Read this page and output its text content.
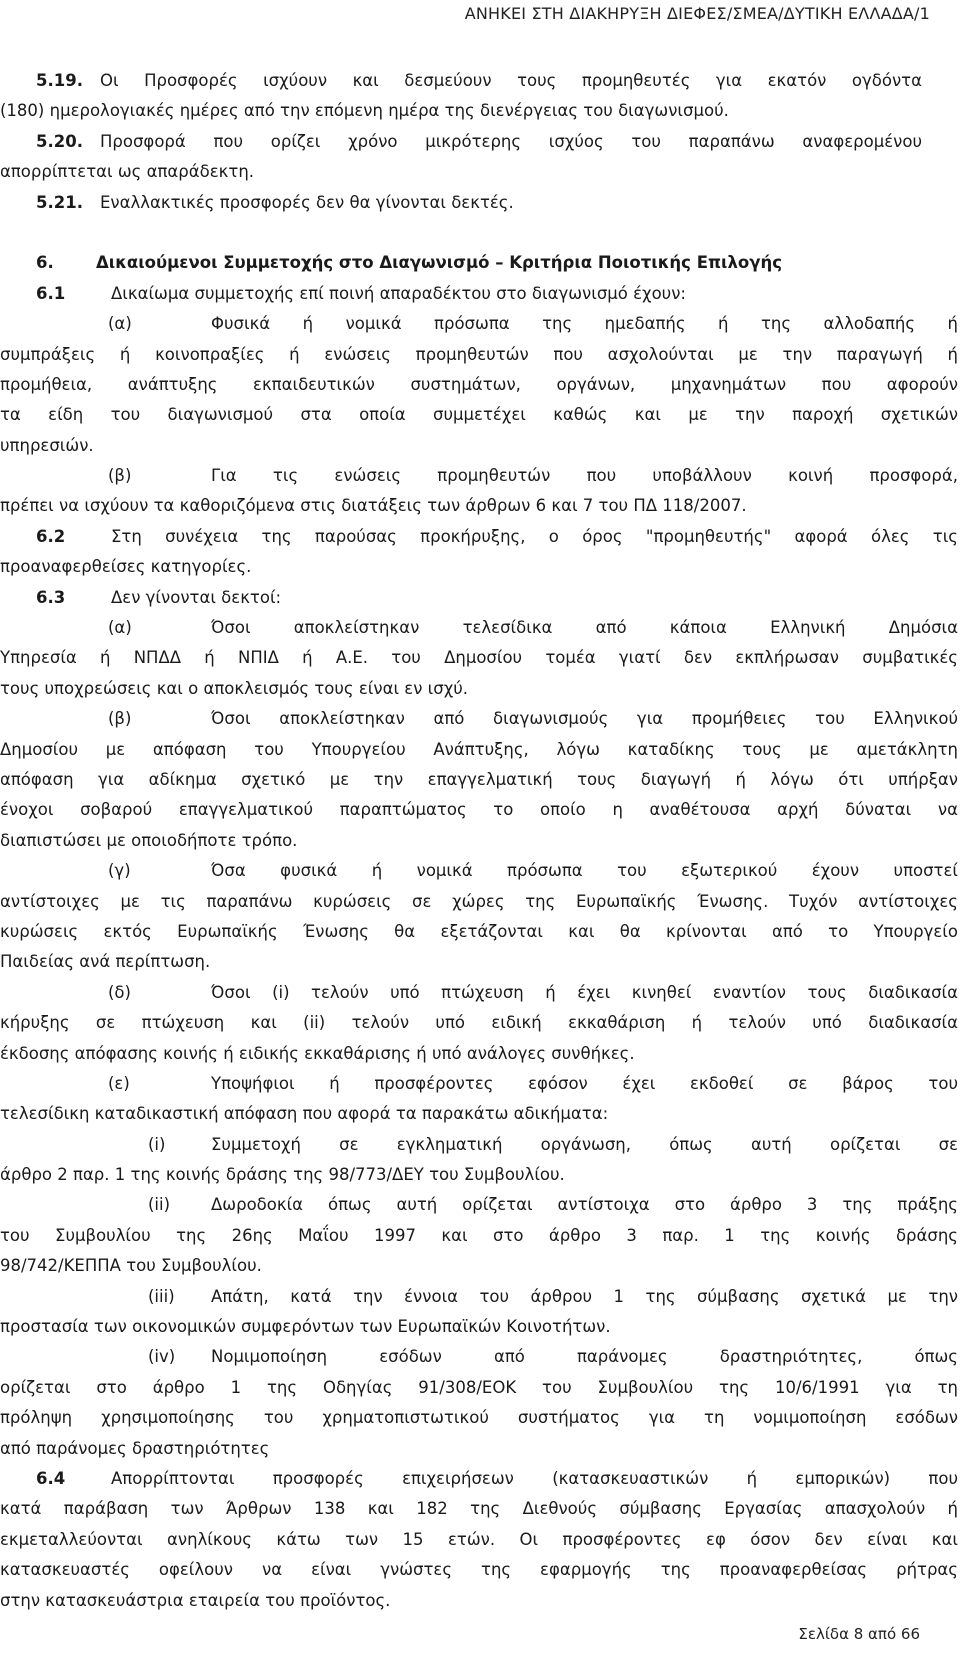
ΑΝΗΚΕΙ ΣΤΗ ΔΙΑΚΗΡΥΞΗ ΔΙΕΦΕΣ/ΣΜΕΑ/ΔΥΤΙΚΗ ΕΛΛΑΔΑ/1
5.19. Οι Προσφορές ισχύουν και δεσμεύουν τους προμηθευτές για εκατόν ογδόντα
(180) ημερολογιακές ημέρες από την επόμενη ημέρα της διενέργειας του διαγωνισμού.
5.20. Προσφορά που ορίζει χρόνο μικρότερης ισχύος του παραπάνω αναφερομένου
απορρίπτεται ως απαράδεκτη.
5.21. Εναλλακτικές προσφορές δεν θα γίνονται δεκτές.
6.	Δικαιούμενοι Συμμετοχής στο Διαγωνισμό – Κριτήρια Ποιοτικής Επιλογής
6.1	Δικαίωμα συμμετοχής επί ποινή απαραδέκτου στο διαγωνισμό έχουν:
(α)	Φυσικά ή νομικά πρόσωπα της ημεδαπής ή της αλλοδαπής ή
συμπράξεις ή κοινοπραξίες ή ενώσεις προμηθευτών που ασχολούνται με την παραγωγή ή
προμήθεια, ανάπτυξης εκπαιδευτικών συστημάτων, οργάνων, μηχανημάτων που αφορούν
τα είδη του διαγωνισμού στα οποία συμμετέχει καθώς και με την παροχή σχετικών
υπηρεσιών.
(β)	Για τις ενώσεις προμηθευτών που υποβάλλουν κοινή προσφορά,
πρέπει να ισχύουν τα καθοριζόμενα στις διατάξεις των άρθρων 6 και 7 του ΠΔ 118/2007.
6.2	Στη συνέχεια της παρούσας προκήρυξης, ο όρος "προμηθευτής" αφορά όλες τις
προαναφερθείσες κατηγορίες.
6.3	Δεν γίνονται δεκτοί:
(α)	Όσοι αποκλείστηκαν τελεσίδικα από κάποια Ελληνική Δημόσια
Υπηρεσία ή ΝΠΔΔ ή ΝΠΙΔ ή Α.Ε. του Δημοσίου τομέα γιατί δεν εκπλήρωσαν συμβατικές
τους υποχρεώσεις και ο αποκλεισμός τους είναι εν ισχύ.
(β)	Όσοι αποκλείστηκαν από διαγωνισμούς για προμήθειες του Ελληνικού
Δημοσίου με απόφαση του Υπουργείου Ανάπτυξης, λόγω καταδίκης τους με αμετάκλητη
απόφαση για αδίκημα σχετικό με την επαγγελματική τους διαγωγή ή λόγω ότι υπήρξαν
ένοχοι σοβαρού επαγγελματικού παραπτώματος το οποίο η αναθέτουσα αρχή δύναται να
διαπιστώσει με οποιοδήποτε τρόπο.
(γ)	Όσα φυσικά ή νομικά πρόσωπα του εξωτερικού έχουν υποστεί
αντίστοιχες με τις παραπάνω κυρώσεις σε χώρες της Ευρωπαϊκής Ένωσης. Τυχόν αντίστοιχες
κυρώσεις εκτός Ευρωπαϊκής Ένωσης θα εξετάζονται και θα κρίνονται από το Υπουργείο
Παιδείας ανά περίπτωση.
(δ)	Όσοι (i) τελούν υπό πτώχευση ή έχει κινηθεί εναντίον τους διαδικασία
κήρυξης σε πτώχευση και (ii) τελούν υπό ειδική εκκαθάριση ή τελούν υπό διαδικασία
έκδοσης απόφασης κοινής ή ειδικής εκκαθάρισης ή υπό ανάλογες συνθήκες.
(ε)	Υποψήφιοι ή προσφέροντες εφόσον έχει εκδοθεί σε βάρος του
τελεσίδικη καταδικαστική απόφαση που αφορά τα παρακάτω αδικήματα:
(i)	Συμμετοχή σε εγκληματική οργάνωση, όπως αυτή ορίζεται σε
άρθρο 2 παρ. 1 της κοινής δράσης της 98/773/ΔΕΥ του Συμβουλίου.
(ii) Δωροδοκία όπως αυτή ορίζεται αντίστοιχα στο άρθρο 3 της πράξης
του Συμβουλίου της 26ης Μαΐου 1997 και στο άρθρο 3 παρ. 1 της κοινής δράσης
98/742/ΚΕΠΠΑ του Συμβουλίου.
(iii) Απάτη, κατά την έννοια του άρθρου 1 της σύμβασης σχετικά με την
προστασία των οικονομικών συμφερόντων των Ευρωπαϊκών Κοινοτήτων.
(iv) Νομιμοποίηση εσόδων από παράνομες δραστηριότητες, όπως
ορίζεται στο άρθρο 1 της Οδηγίας 91/308/ΕΟΚ του Συμβουλίου της 10/6/1991 για τη
πρόληψη χρησιμοποίησης του χρηματοπιστωτικού συστήματος για τη νομιμοποίηση εσόδων
από παράνομες δραστηριότητες
6.4	Απορρίπτονται προσφορές επιχειρήσεων (κατασκευαστικών ή εμπορικών) που
κατά παράβαση των Άρθρων 138 και 182 της Διεθνούς σύμβασης Εργασίας απασχολούν ή
εκμεταλλεύονται ανηλίκους κάτω των 15 ετών. Οι προσφέροντες εφ όσον δεν είναι και
κατασκευαστές οφείλουν να είναι γνώστες της εφαρμογής της προαναφερθείσας ρήτρας
στην κατασκευάστρια εταιρεία του προϊόντος.
Σελίδα 8 από 66
